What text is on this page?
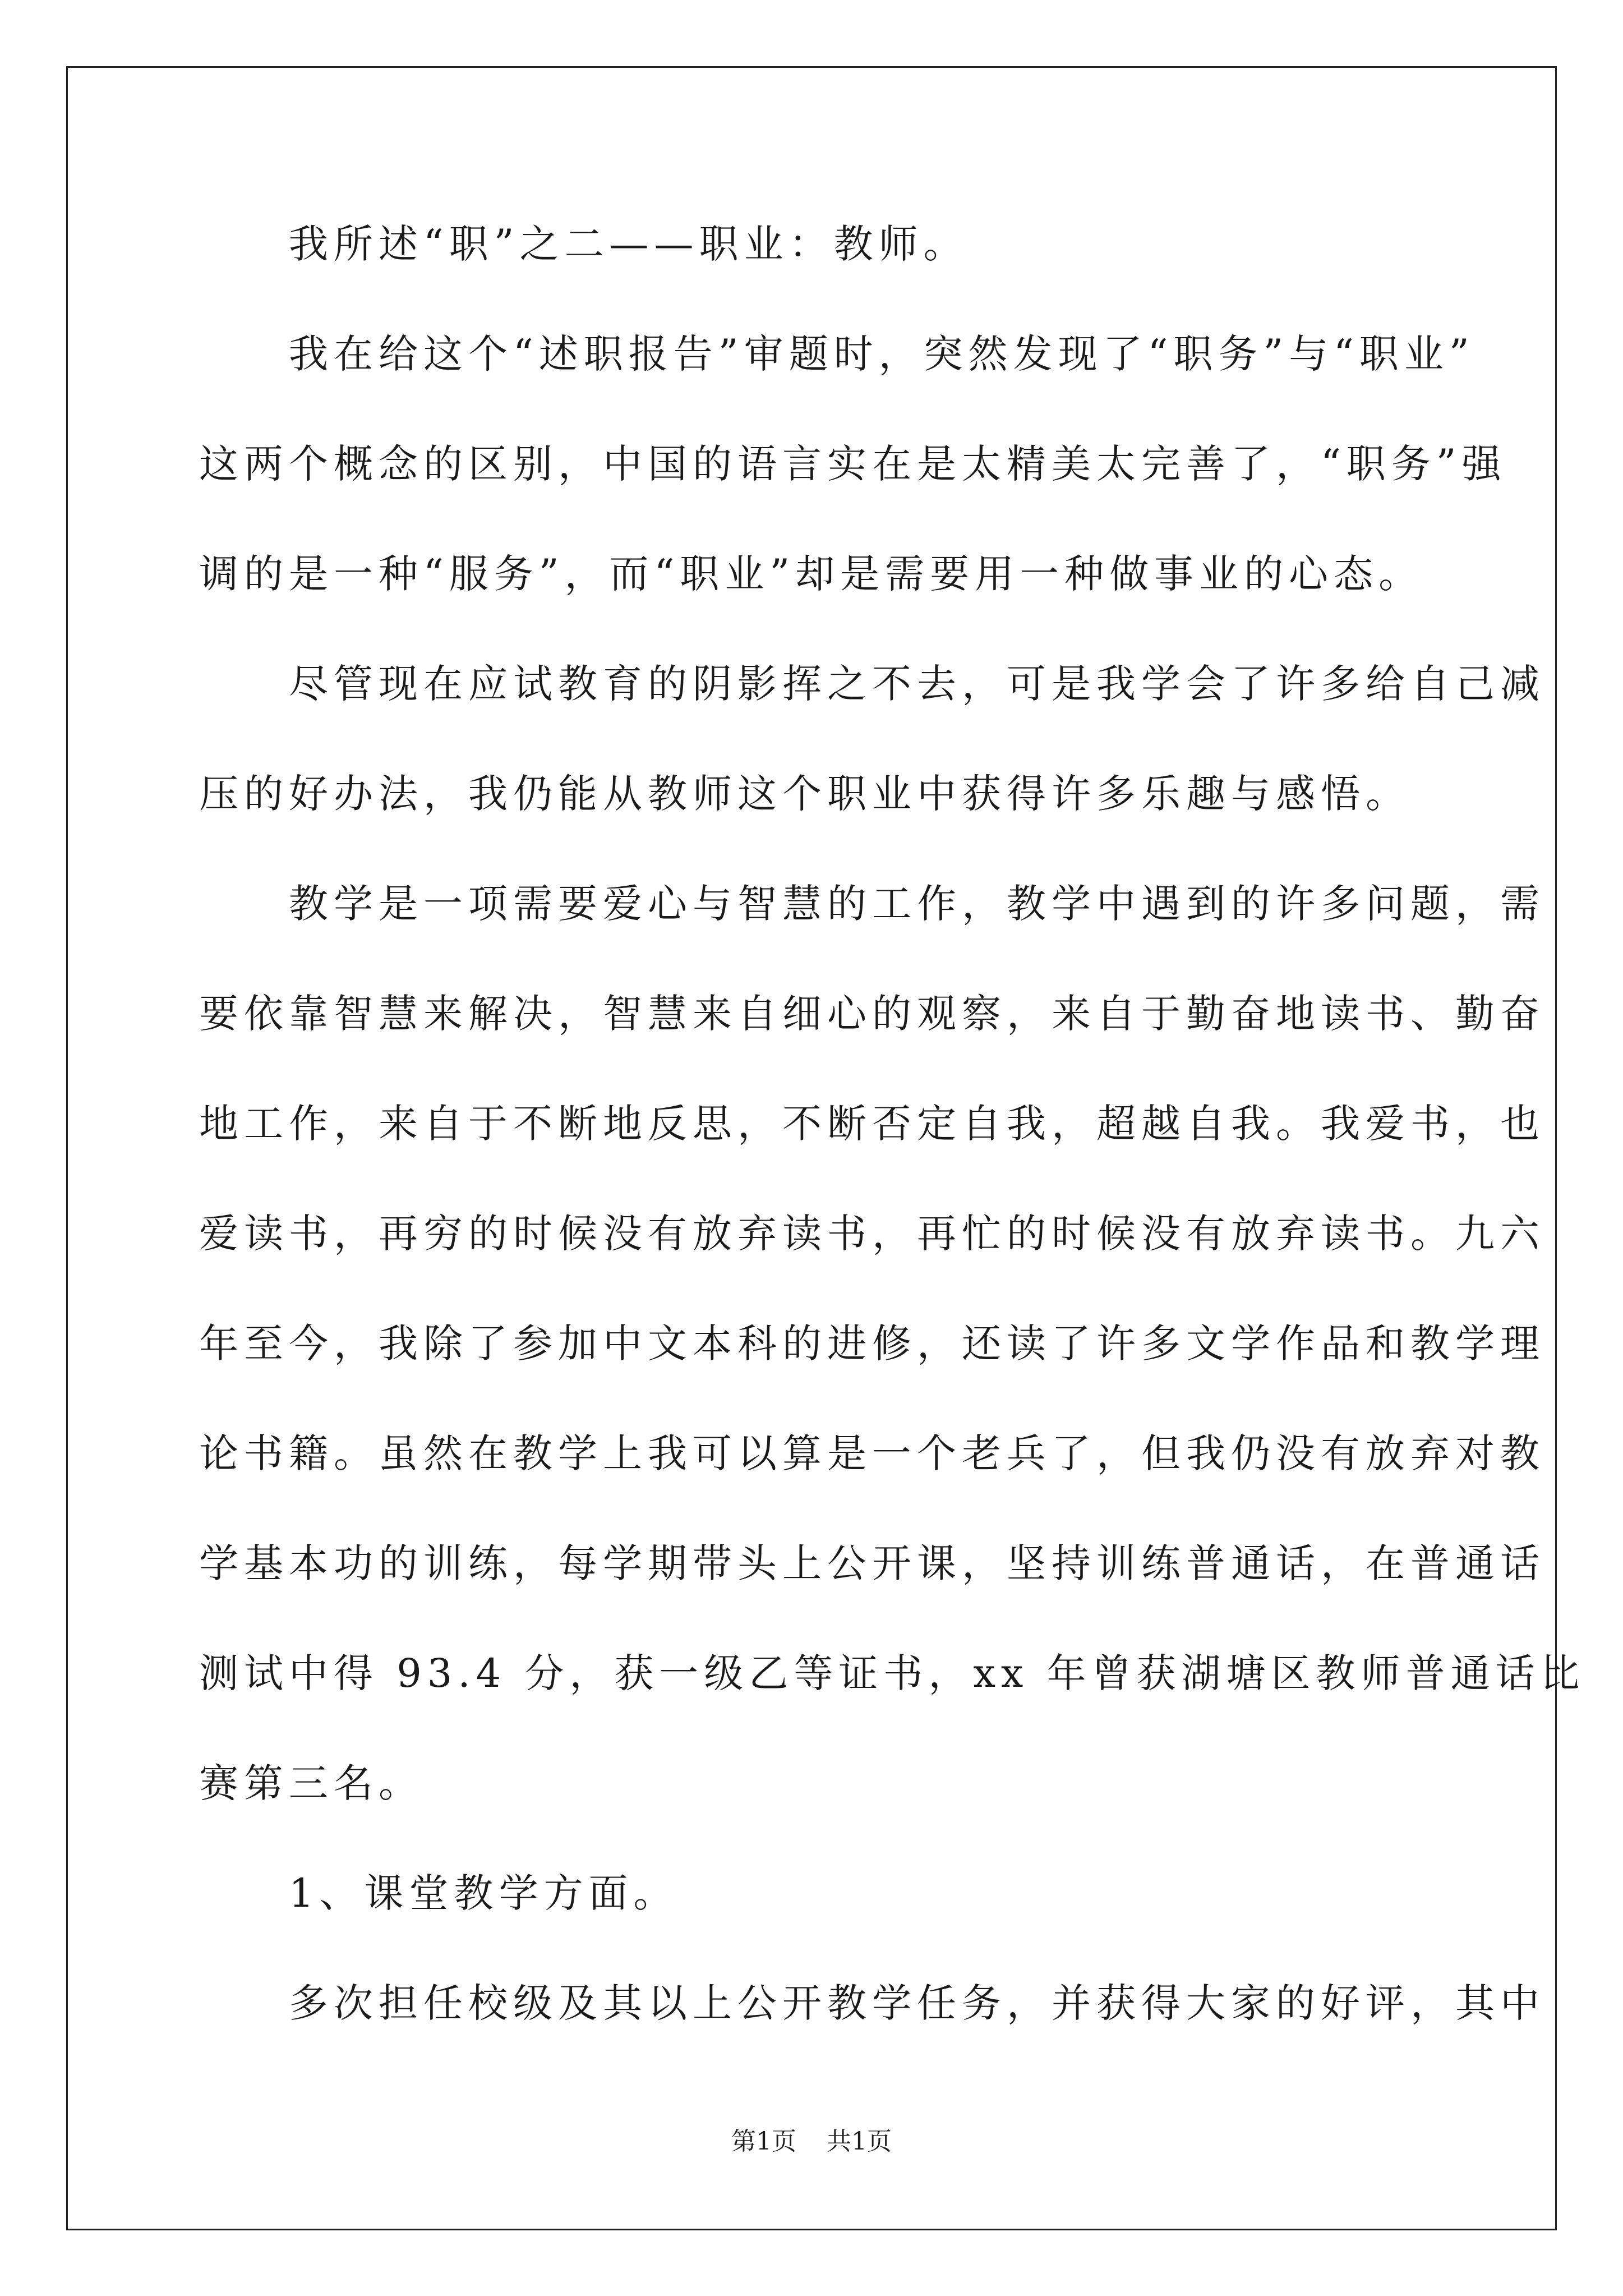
　　我所述“职”之二——职业：教师。
　　我在给这个“述职报告”审题时，突然发现了“职务”与“职业”
这两个概念的区别，中国的语言实在是太精美太完善了，“职务”强
调的是一种“服务”，而“职业”却是需要用一种做事业的心态。
　　尽管现在应试教育的阴影挥之不去，可是我学会了许多给自己减
压的好办法，我仍能从教师这个职业中获得许多乐趣与感悟。
　　教学是一项需要爱心与智慧的工作，教学中遇到的许多问题，需
要依靠智慧来解决，智慧来自细心的观察，来自于勤奋地读书、勤奋
地工作，来自于不断地反思，不断否定自我，超越自我。我爱书，也
爱读书，再穷的时候没有放弃读书，再忙的时候没有放弃读书。九六
年至今，我除了参加中文本科的进修，还读了许多文学作品和教学理
论书籍。虽然在教学上我可以算是一个老兵了，但我仍没有放弃对教
学基本功的训练，每学期带头上公开课，坚持训练普通话，在普通话
测试中得 93.4 分，获一级乙等证书，xx 年曾获湖塘区教师普通话比
赛第三名。
　　1、课堂教学方面。
　　多次担任校级及其以上公开教学任务，并获得大家的好评，其中
第1页 共1页
